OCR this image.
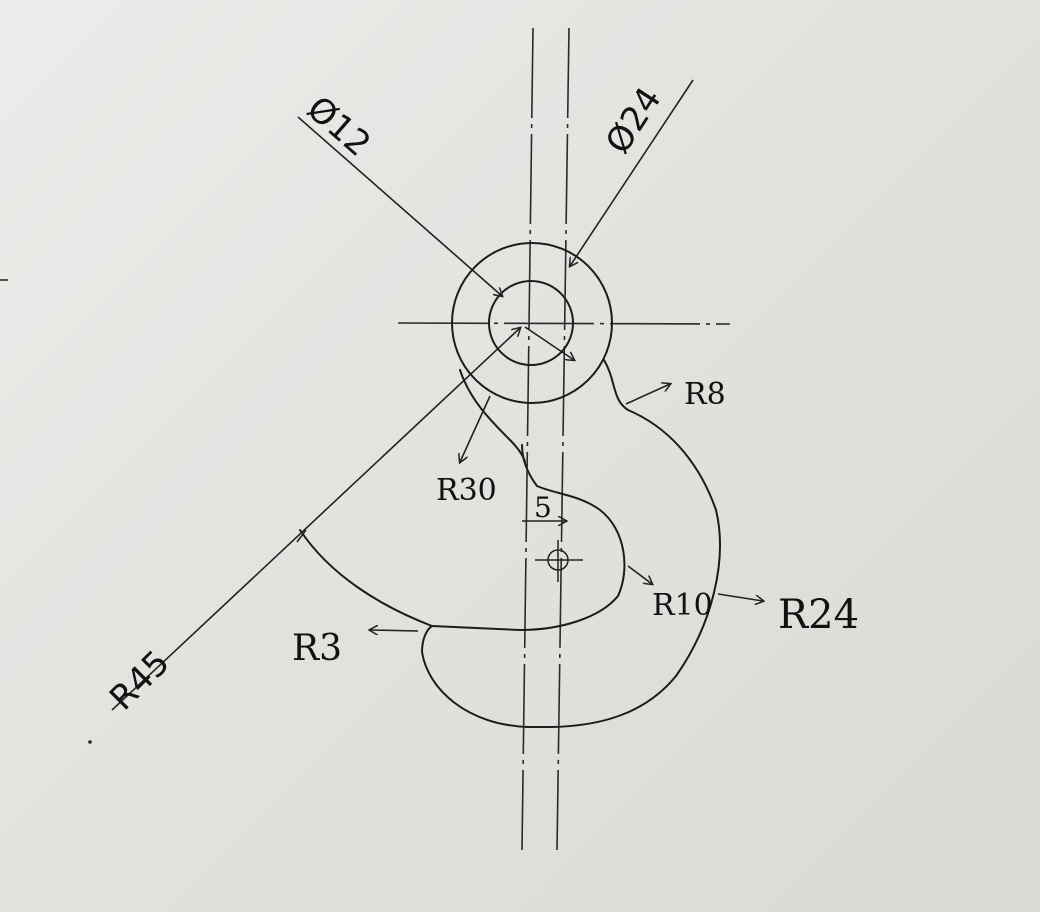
Ø12	Ø24
R45
R30
R8
5
R10 R24
R3
